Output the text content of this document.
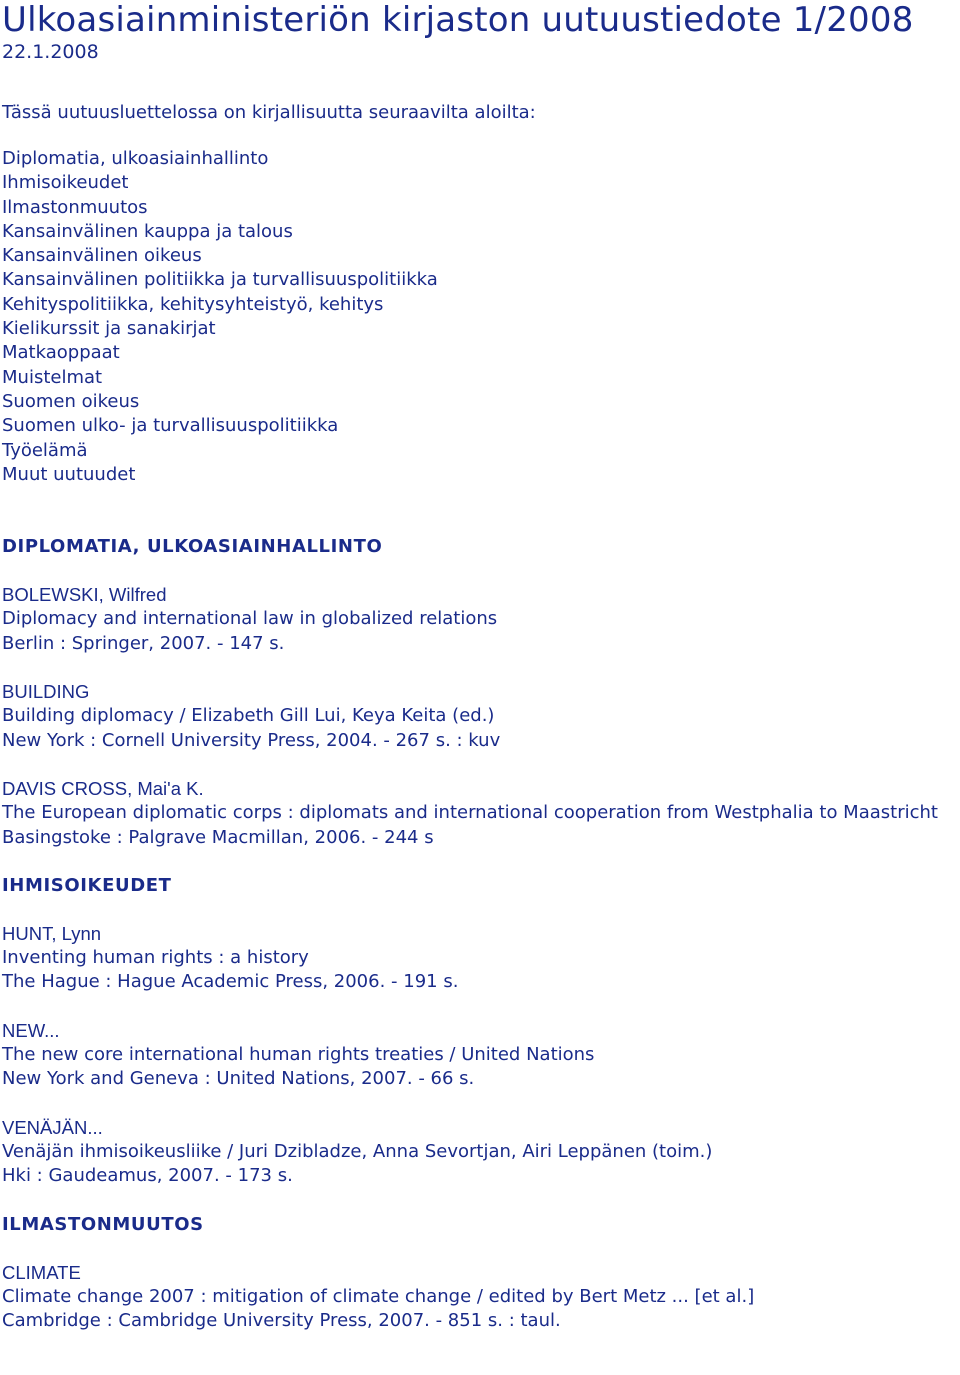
Ulkoasiainministeriön kirjaston uutuustiedote 1/2008

22.1.2008

Tässä uutuusluettelossa on kirjallisuutta seuraavilta aloilta:

Diplomatia, ulkoasiainhallinto
Ihmisoikeudet
Ilmastonmuutos
Kansainvälinen kauppa ja talous
Kansainvälinen oikeus
Kansainvälinen politiikka ja turvallisuuspolitiikka
Kehityspolitiikka, kehitysyhteistyö, kehitys
Kielikurssit ja sanakirjat
Matkaoppaat
Muistelmat
Suomen oikeus
Suomen ulko- ja turvallisuuspolitiikka
Työelämä
Muut uutuudet
DIPLOMATIA, ULKOASIAINHALLINTO

BOLEWSKI, Wilfred

Diplomacy and international law in globalized relations

Berlin : Springer, 2007. - 147 s.

BUILDING

Building diplomacy / Elizabeth Gill Lui, Keya Keita (ed.)

New York : Cornell University Press, 2004. - 267 s. : kuv

DAVIS CROSS, Mai'a K.

The European diplomatic corps : diplomats and international cooperation from Westphalia to Maastricht

Basingstoke : Palgrave Macmillan, 2006. - 244 s

IHMISOIKEUDET

HUNT, Lynn

Inventing human rights : a history

The Hague : Hague Academic Press, 2006. - 191 s.

NEW...

The new core international human rights treaties / United Nations

New York and Geneva : United Nations, 2007. - 66 s.

VENÄJÄN...

Venäjän ihmisoikeusliike / Juri Dzibladze, Anna Sevortjan, Airi Leppänen (toim.)

Hki : Gaudeamus, 2007. - 173 s.

ILMASTONMUUTOS

CLIMATE

Climate change 2007 : mitigation of climate change / edited by Bert Metz ... [et al.]

Cambridge : Cambridge University Press, 2007. - 851 s. : taul.
